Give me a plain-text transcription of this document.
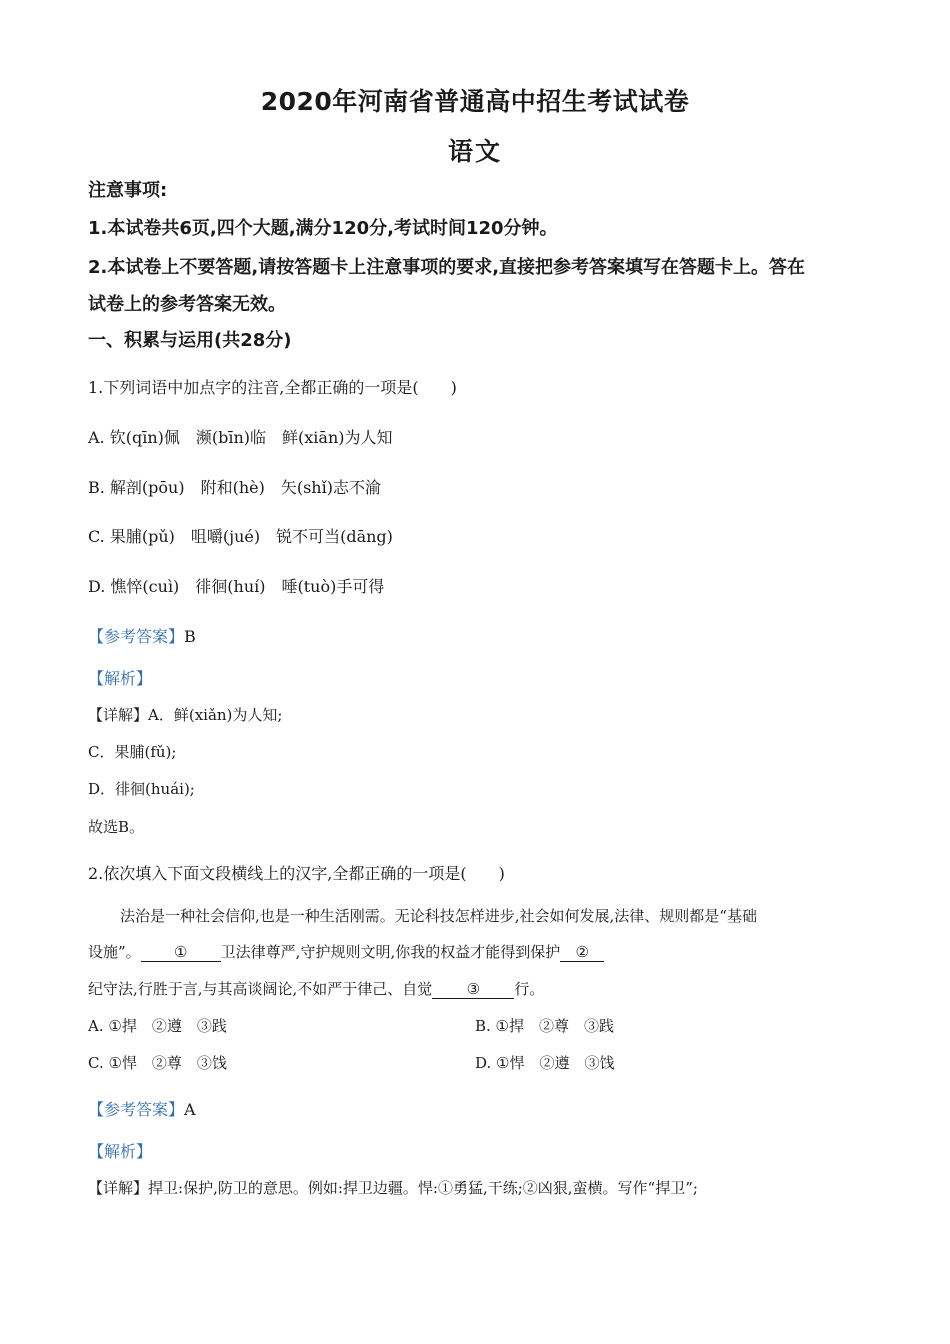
2020年河南省普通高中招生考试试卷
语文
注意事项:
1.本试卷共6页,四个大题,满分120分,考试时间120分钟。
2.本试卷上不要答题,请按答题卡上注意事项的要求,直接把参考答案填写在答题卡上。答在
试卷上的参考答案无效。
一、积累与运用(共28分)
1.下列词语中加点字的注音,全都正确的一项是(　　)
A. 钦(qīn)佩　濒(bīn)临　鲜(xiān)为人知
B. 解剖(pōu)　附和(hè)　矢(shǐ)志不渝
C. 果脯(pǔ)　咀嚼(jué)　锐不可当(dāng)
D. 憔悴(cuì)　徘徊(huí)　唾(tuò)手可得
【参考答案】B
【解析】
【详解】A．鲜(xiǎn)为人知;
C．果脯(fǔ);
D．徘徊(huái);
故选B。
2.依次填入下面文段横线上的汉字,全都正确的一项是(　　)
法治是一种社会信仰,也是一种生活刚需。无论科技怎样进步,社会如何发展,法律、规则都是“基础
设施”。 ① 卫法律尊严,守护规则文明,你我的权益才能得到保护 ②
纪守法,行胜于言,与其高谈阔论,不如严于律己、自觉 ③ 行。
A. ①捍　②遵　③践	B. ①捍　②尊　③践
C. ①悍　②尊　③饯	D. ①悍　②遵　③饯
【参考答案】A
【解析】
【详解】捍卫:保护,防卫的意思。例如:捍卫边疆。悍:①勇猛,干练;②凶狠,蛮横。写作“捍卫”;
